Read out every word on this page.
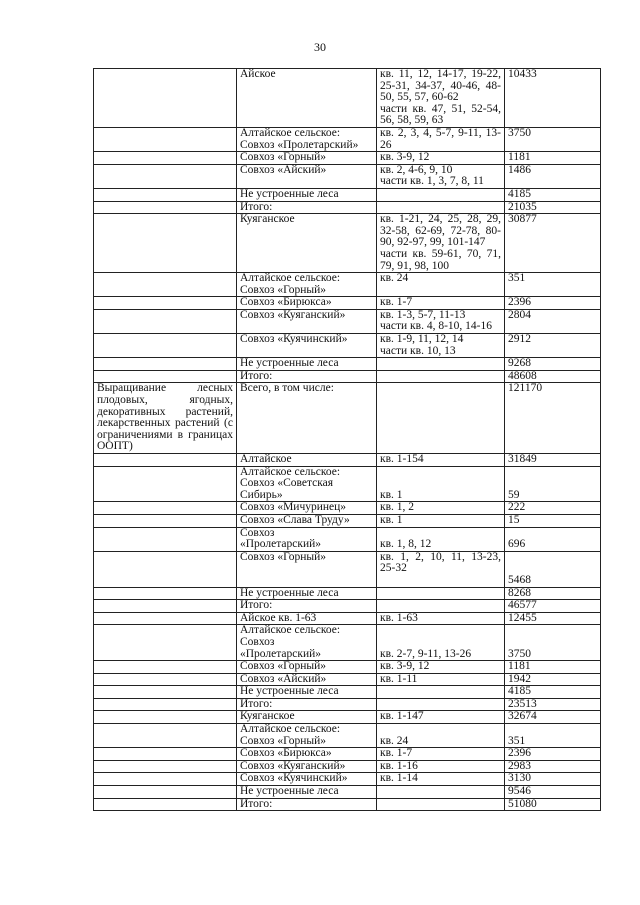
30

	Айское	кв. 11, 12, 14-17, 19-22, 25-31, 34-37, 40-46, 48-50, 55, 57, 60-62
части кв. 47, 51, 52-54, 56, 58, 59, 63	10433

	Алтайское сельское:
Совхоз «Пролетарский»	кв. 2, 3, 4, 5-7, 9-11, 13-26	3750

	Совхоз «Горный»	кв. 3-9, 12	1181

	Совхоз «Айский»	кв. 2, 4-6, 9, 10
части кв. 1, 3, 7, 8, 11	1486

	Не устроенные леса		4185

	Итого:		21035

	Куяганское	кв. 1-21, 24, 25, 28, 29, 32-58, 62-69, 72-78, 80-90, 92-97, 99, 101-147
части кв. 59-61, 70, 71, 79, 91, 98, 100	30877

	Алтайское сельское:
Совхоз «Горный»	кв. 24	351

	Совхоз «Бирюкса»	кв. 1-7	2396

	Совхоз «Куяганский»	кв. 1-3, 5-7, 11-13
части кв. 4, 8-10, 14-16	2804

	Совхоз «Куячинский»	кв. 1-9, 11, 12, 14
части кв. 10, 13	2912

	Не устроенные леса		9268

	Итого:		48608

Выращивание лесных плодовых, ягодных, декоративных растений, лекарственных растений (с ограничениями в границах ООПТ)	Всего, в том числе:		121170

	Алтайское	кв. 1-154	31849

	Алтайское сельское:
Совхоз «Советская Сибирь»	кв. 1	59

	Совхоз «Мичуринец»	кв. 1, 2	222

	Совхоз «Слава Труду»	кв. 1	15

	Совхоз
«Пролетарский»	кв. 1, 8, 12	696

	Совхоз «Горный»	кв. 1, 2, 10, 11, 13-23, 25-32	5468

	Не устроенные леса		8268

	Итого:		46577

	Айское кв. 1-63	кв. 1-63	12455

	Алтайское сельское:
Совхоз
«Пролетарский»	кв. 2-7, 9-11, 13-26	3750

	Совхоз «Горный»	кв. 3-9, 12	1181

	Совхоз «Айский»	кв. 1-11	1942

	Не устроенные леса		4185

	Итого:		23513

	Куяганское	кв. 1-147	32674

	Алтайское сельское:
Совхоз «Горный»	кв. 24	351

	Совхоз «Бирюкса»	кв. 1-7	2396

	Совхоз «Куяганский»	кв. 1-16	2983

	Совхоз «Куячинский»	кв. 1-14	3130

	Не устроенные леса		9546

	Итого:		51080
